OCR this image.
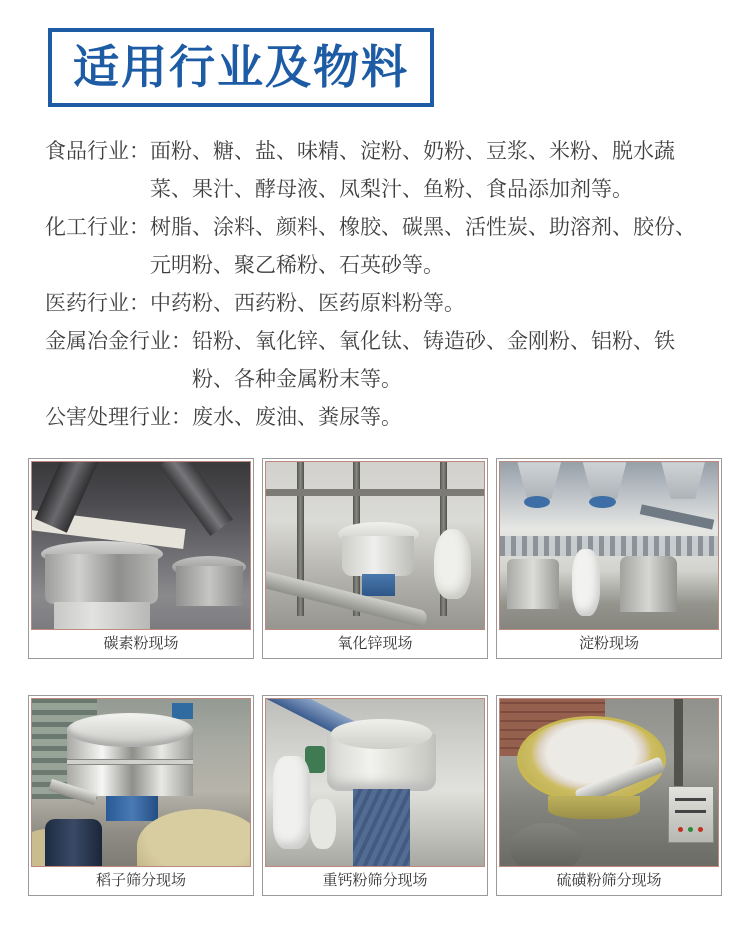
适用行业及物料
食品行业： 面粉、糖、盐、味精、淀粉、奶粉、豆浆、米粉、脱水蔬菜、果汁、酵母液、凤梨汁、鱼粉、食品添加剂等。
化工行业： 树脂、涂料、颜料、橡胶、碳黑、活性炭、助溶剂、胶份、元明粉、聚乙稀粉、石英砂等。
医药行业： 中药粉、西药粉、医药原料粉等。
金属冶金行业： 铅粉、氧化锌、氧化钛、铸造砂、金刚粉、铝粉、铁粉、各种金属粉末等。
公害处理行业： 废水、废油、粪尿等。
碳素粉现场	氧化锌现场	淀粉现场
稻子筛分现场	重钙粉筛分现场	硫磺粉筛分现场
